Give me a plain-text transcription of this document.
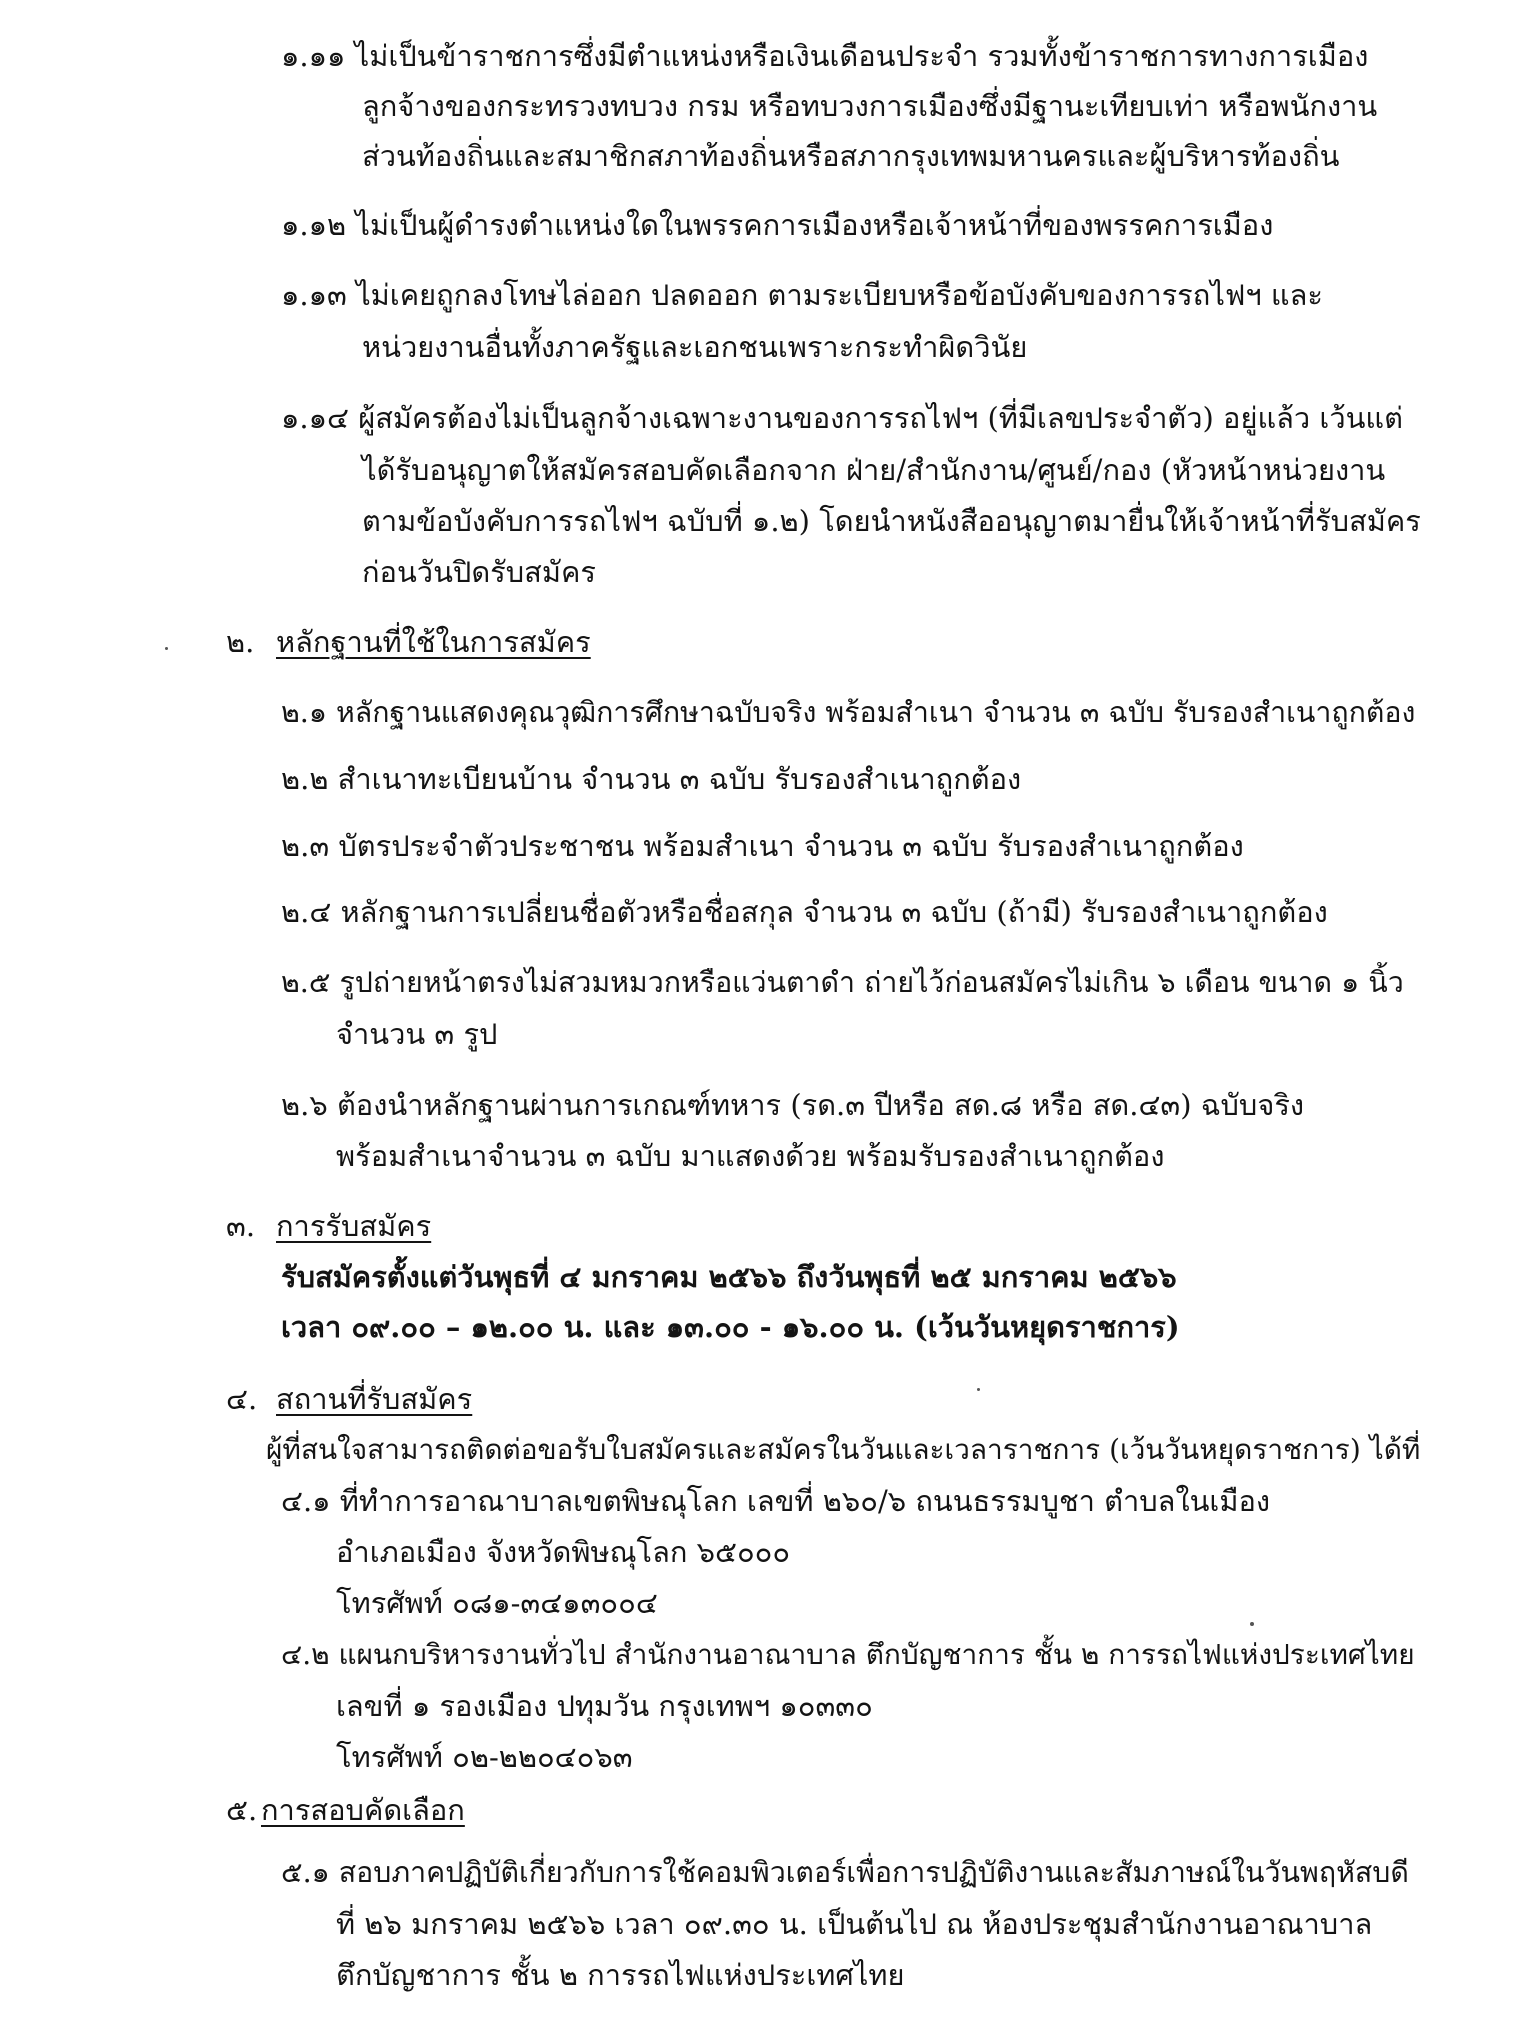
๑.๑๑ ไม่เป็นข้าราชการซึ่งมีตำแหน่งหรือเงินเดือนประจำ รวมทั้งข้าราชการทางการเมือง
ลูกจ้างของกระทรวงทบวง กรม หรือทบวงการเมืองซึ่งมีฐานะเทียบเท่า หรือพนักงาน
ส่วนท้องถิ่นและสมาชิกสภาท้องถิ่นหรือสภากรุงเทพมหานครและผู้บริหารท้องถิ่น
๑.๑๒ ไม่เป็นผู้ดำรงตำแหน่งใดในพรรคการเมืองหรือเจ้าหน้าที่ของพรรคการเมือง
๑.๑๓ ไม่เคยถูกลงโทษไล่ออก ปลดออก ตามระเบียบหรือข้อบังคับของการรถไฟฯ และ
หน่วยงานอื่นทั้งภาครัฐและเอกชนเพราะกระทำผิดวินัย
๑.๑๔ ผู้สมัครต้องไม่เป็นลูกจ้างเฉพาะงานของการรถไฟฯ (ที่มีเลขประจำตัว) อยู่แล้ว เว้นแต่
ได้รับอนุญาตให้สมัครสอบคัดเลือกจาก ฝ่าย/สำนักงาน/ศูนย์/กอง (หัวหน้าหน่วยงาน
ตามข้อบังคับการรถไฟฯ ฉบับที่ ๑.๒) โดยนำหนังสืออนุญาตมายื่นให้เจ้าหน้าที่รับสมัคร
ก่อนวันปิดรับสมัคร
๒. หลักฐานที่ใช้ในการสมัคร
๒.๑ หลักฐานแสดงคุณวุฒิการศึกษาฉบับจริง พร้อมสำเนา จำนวน ๓ ฉบับ รับรองสำเนาถูกต้อง
๒.๒ สำเนาทะเบียนบ้าน จำนวน ๓ ฉบับ รับรองสำเนาถูกต้อง
๒.๓ บัตรประจำตัวประชาชน พร้อมสำเนา จำนวน ๓ ฉบับ รับรองสำเนาถูกต้อง
๒.๔ หลักฐานการเปลี่ยนชื่อตัวหรือชื่อสกุล จำนวน ๓ ฉบับ (ถ้ามี) รับรองสำเนาถูกต้อง
๒.๕ รูปถ่ายหน้าตรงไม่สวมหมวกหรือแว่นตาดำ ถ่ายไว้ก่อนสมัครไม่เกิน ๖ เดือน ขนาด ๑ นิ้ว
จำนวน ๓ รูป
๒.๖ ต้องนำหลักฐานผ่านการเกณฑ์ทหาร (รด.๓ ปีหรือ สด.๘ หรือ สด.๔๓) ฉบับจริง
พร้อมสำเนาจำนวน ๓ ฉบับ มาแสดงด้วย พร้อมรับรองสำเนาถูกต้อง
๓. การรับสมัคร
รับสมัครตั้งแต่วันพุธที่ ๔ มกราคม ๒๕๖๖ ถึงวันพุธที่ ๒๕ มกราคม ๒๕๖๖
เวลา ๐๙.๐๐ – ๑๒.๐๐ น. และ ๑๓.๐๐ - ๑๖.๐๐ น. (เว้นวันหยุดราชการ)
๔. สถานที่รับสมัคร
ผู้ที่สนใจสามารถติดต่อขอรับใบสมัครและสมัครในวันและเวลาราชการ (เว้นวันหยุดราชการ) ได้ที่
๔.๑ ที่ทำการอาณาบาลเขตพิษณุโลก เลขที่ ๒๖๐/๖ ถนนธรรมบูชา ตำบลในเมือง
อำเภอเมือง จังหวัดพิษณุโลก ๖๕๐๐๐
โทรศัพท์ ๐๘๑-๓๔๑๓๐๐๔
๔.๒ แผนกบริหารงานทั่วไป สำนักงานอาณาบาล ตึกบัญชาการ ชั้น ๒ การรถไฟแห่งประเทศไทย
เลขที่ ๑ รองเมือง ปทุมวัน กรุงเทพฯ ๑๐๓๓๐
โทรศัพท์ ๐๒-๒๒๐๔๐๖๓
๕. การสอบคัดเลือก
๕.๑ สอบภาคปฏิบัติเกี่ยวกับการใช้คอมพิวเตอร์เพื่อการปฏิบัติงานและสัมภาษณ์ในวันพฤหัสบดี
ที่ ๒๖ มกราคม ๒๕๖๖ เวลา ๐๙.๓๐ น. เป็นต้นไป ณ ห้องประชุมสำนักงานอาณาบาล
ตึกบัญชาการ ชั้น ๒ การรถไฟแห่งประเทศไทย
